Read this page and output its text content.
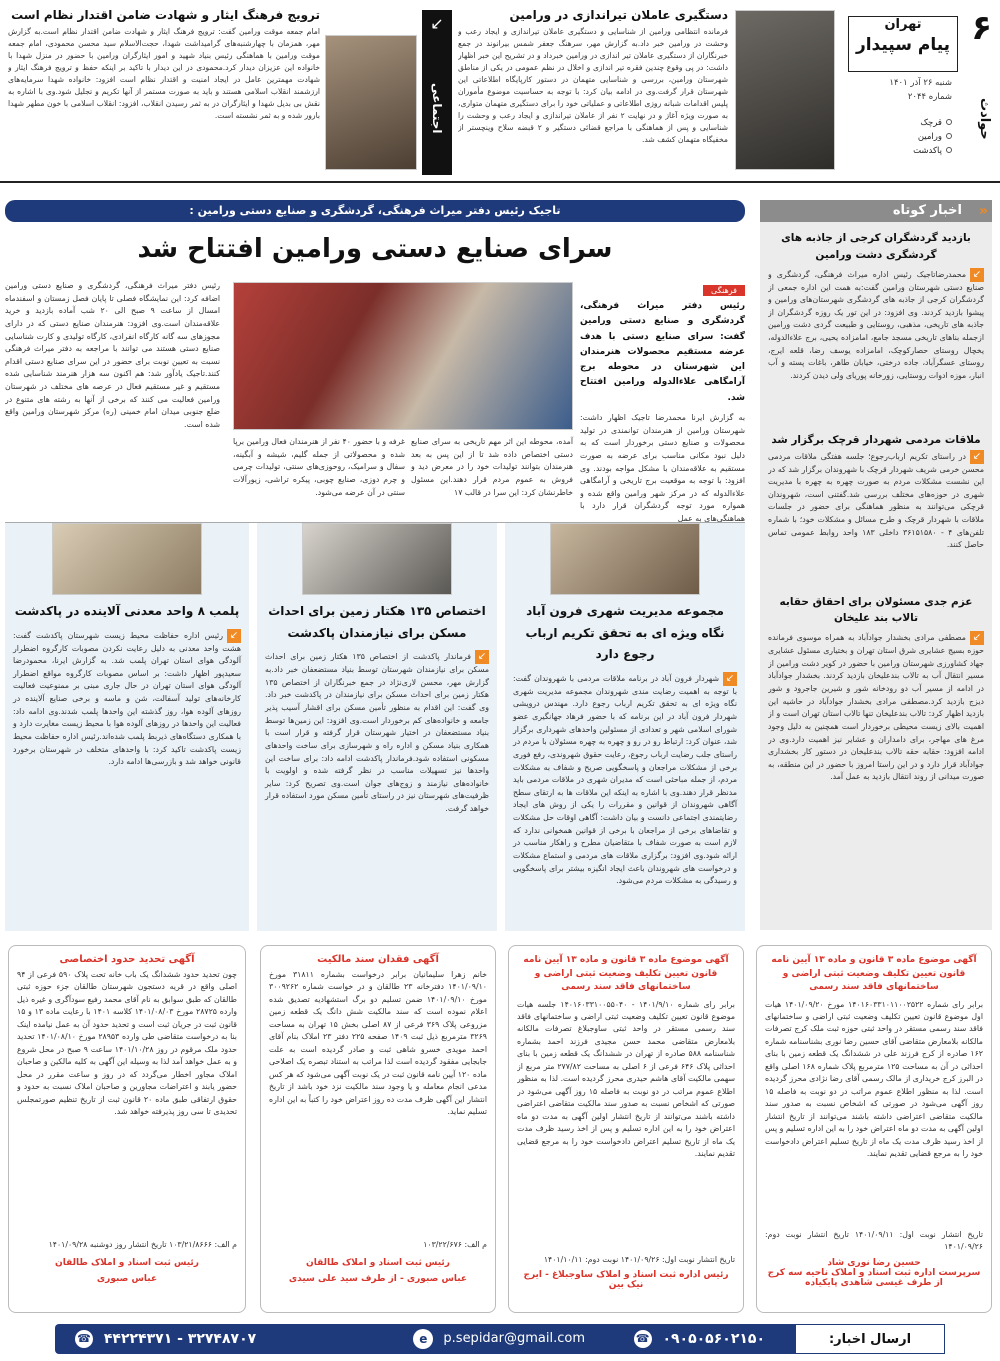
۶
تهران
پیام سپیدار
شنبه ۲۶ آذر ۱۴۰۱
شماره ۲۰۴۴
حوادث
قرچک
ورامین
پاکدشت
دستگیری عاملان تیراندازی در ورامین
فرمانده انتظامی ورامین از شناسایی و دستگیری عاملان تیراندازی و ایجاد رعب و وحشت در ورامین خبر داد.به گزارش مهر، سرهنگ جعفر شمس بیرانوند در جمع خبرنگاران از دستگیری عاملان تیر اندازی در ورامین خبرداد و در تشریح این خبر اظهار داشت: در پی وقوع چندین فقره تیر اندازی و اخلال در نظم عمومی در یکی از مناطق شهرستان ورامین، بررسی و شناسایی متهمان در دستور کارپایگاه اطلاعاتی این شهرستان قرار گرفت.وی در ادامه بیان کرد: با توجه به حساسیت موضوع مأموران پلیس اقدامات شبانه روزی اطلاعاتی و عملیاتی خود را برای دستگیری متهمان متواری، به صورت ویژه آغاز و در نهایت ۲ نفر از عاملان تیراندازی و ایجاد رعب و وحشت را شناسایی و پس از هماهنگی با مراجع قضائی دستگیر و ۲ قبضه سلاح وینچستر از مخفیگاه متهمان کشف شد.
↙
اجتماعی
ترویج فرهنگ ایثار و شهادت ضامن اقتدار نظام است
امام جمعه موقت ورامین گفت: ترویج فرهنگ ایثار و شهادت ضامن اقتدار نظام است.به گزارش مهر، همزمان با چهارشنبه‌های گرامیداشت شهدا، حجت‌الاسلام سید محسن محمودی، امام جمعه موقت ورامین با هماهنگی رئیس بنیاد شهید و امور ایثارگران ورامین با حضور در منزل شهدا با خانواده این عزیزان دیدار کرد.محمودی در این دیدار با تاکید بر اینکه حفظ و ترویج فرهنگ ایثار و شهادت مهمترین عامل در ایجاد امنیت و اقتدار نظام است افزود: خانواده شهدا سرمایه‌های ارزشمند انقلاب اسلامی هستند و باید به صورت مستمر از آنها تکریم و تجلیل شود.وی با اشاره به نقش بی بدیل شهدا و ایثارگران در به ثمر رسیدن انقلاب، افزود: انقلاب اسلامی با خون مطهر شهدا بارور شده و به ثمر نشسته است.
اخبار کوتاه «
بازدید گردشگران کرجی از جاذبه های گردشگری دشت ورامین
↙محمدرضاتاجیک رئیس اداره میراث فرهنگی، گردشگری و صنایع دستی شهرستان ورامین گفت:به همت این اداره جمعی از گردشگران کرجی از جاذبه های گردشگری شهرستان‌های ورامین و پیشوا بازدید کردند. وی افزود: در این تور یک روزه گردشگران از جاذبه های تاریخی، مذهبی، روستایی و طبیعت گردی دشت ورامین ازجمله بناهای تاریخی مسجد جامع، امامزاده یحیی، برج علاءالدوله، یخچال روستای حصارکوچک، امامزاده یوسف رضا، قلعه ایرج، روستای عسگرآباد، جاده درختی، خیابان طاهر، باغات پسته و آب انبار، موزه ادوات روستایی، زورخانه پوریای ولی دیدن کردند.
ملاقات مردمی شهردار قرچک برگزار شد
↙در راستای تکریم ارباب‌رجوع؛ جلسه هفتگی ملاقات مردمی محسن خرمی شریف شهردار قرچک با شهروندان برگزار شد که در این نشست مشکلات مردم به صورت چهره به چهره با مدیریت شهری در حوزه‌های مختلف بررسی شد.گفتنی است، شهروندان قرچکی می‌توانند به منظور هماهنگی برای حضور در جلسات ملاقات با شهردار قرچک و طرح مسائل و مشکلات خود؛ با شماره تلفن‌های ۴ - ۳۶۱۵۱۵۸۰ داخلی ۱۸۳ واحد روابط عمومی تماس حاصل کنند.
عزم جدی مسئولان برای احقاق حقابه تالاب بند علیخان
↙مصطفی مرادی بخشدار جوادآباد به همراه موسوی فرمانده حوزه بسیج عشایری شرق استان تهران و بختیاری مسئول عشایری جهاد کشاورزی شهرستان ورامین با حضور در کویر دشت ورامین از مسیر انتقال آب به تالاب بندعلیخان بازدید کردند. بخشدار جوادآباد در ادامه از مسیر آب دو رودخانه شور و شیرین جاجرود و شور دیزج بازدید کرد.مصطفی مرادی بخشدار جوادآباد در حاشیه این بازدید اظهار کرد: تالاب بندعلیخان تنها تالاب استان تهران است و از اهمیت بالای زیست محیطی برخوردار است همچنین به دلیل وجود مرغ های مهاجر، برای دامداران و عشایر نیز اهمیت دارد.وی در ادامه افزود: حقابه حقه تالاب بندعلیخان در دستور کار بخشداری جوادآباد قرار دارد و در این راستا امروز با حضور در این منطقه، به صورت میدانی از روند انتقال بازدید به عمل آمد.
تاجیک رئیس دفتر میراث فرهنگی، گردشگری و صنایع دستی ورامین :
سرای صنایع دستی ورامین افتتاح شد
فرهنگی
رئیس دفتر میراث فرهنگی، گردشگری و صنایع دستی ورامین گفت: سرای صنایع دستی با هدف عرضه مستقیم محصولات هنرمندان این شهرستان در محوطه برج آرامگاهی علاءالدوله ورامین افتتاح شد.
به گزارش ایرنا محمدرضا تاجیک اظهار داشت: شهرستان ورامین از هنرمندان توانمندی در تولید محصولات و صنایع دستی برخوردار است که به دلیل نبود مکانی مناسب برای عرضه به صورت مستقیم به علاقه‌مندان با مشکل مواجه بودند. وی افزود: با توجه به موقعیت برج تاریخی و آرامگاهی علاءالدوله که در مرکز شهر ورامین واقع شده و همواره مورد توجه گردشگران قرار دارد با هماهنگی‌های به عمل
آمده، محوطه این اثر مهم تاریخی به سرای صنایع دستی اختصاص داده شد تا از این پس به بعد هنرمندان بتوانند تولیدات خود را در معرض دید و فروش به عموم مردم قرار دهند.این مسئول خاطرنشان کرد: این سرا در قالب ۱۷
غرفه و با حضور ۴۰ نفر از هنرمندان فعال ورامین برپا شده و محصولاتی از جمله گلیم، شیشه و آبگینه، سفال و سرامیک، روحوزی‌های سنتی، تولیدات چرمی و چرم دوزی، صنایع چوبی، پیکره تراشی، زیورآلات سنتی در آن عرضه می‌شود.
رئیس دفتر میراث فرهنگی، گردشگری و صنایع دستی ورامین اضافه کرد: این نمایشگاه فصلی تا پایان فصل زمستان و اسفندماه امسال از ساعت ۹ صبح الی ۲۰ شب آماده بازدید و خرید علاقه‌مندان است.وی افزود: هنرمندان صنایع دستی که در دارای مجوزهای سه گانه کارگاه انفرادی، کارگاه تولیدی و کارت شناسایی صنایع دستی هستند می توانند با مراجعه به دفتر میراث فرهنگی نسبت به تعیین نوبت برای حضور در این سرای صنایع دستی اقدام کنند.تاجیک یادآور شد: هم اکنون سه هزار هنرمند شناسایی شده مستقیم و غیر مستقیم فعال در عرصه های مختلف در شهرستان ورامین فعالیت می کنند که برخی از آنها به رشته های متنوع در ضلع جنوبی میدان امام خمینی (ره) مرکز شهرستان ورامین واقع شده است.
مجموعه مدیریت شهری فرون آباد نگاه ویژه ای به تحقق تکریم ارباب رجوع دارد
↙شهردار فرون آباد در برنامه ملاقات مردمی با شهروندان گفت: با توجه به اهمیت رضایت مندی شهروندان مجموعه مدیریت شهری نگاه ویژه ای به تحقق تکریم ارباب رجوع دارد. مهندس درویشی شهردار فرون آباد در این برنامه که با حضور فرهاد جهانگیری عضو شورای اسلامی شهر و تعدادی از مسئولین واحدهای شهرداری برگزار شد، عنوان کرد: ارتباط رو در رو و چهره به چهره مسئولان با مردم در راستای جلب رضایت ارباب رجوع، رعایت حقوق شهروندی، رفع فوری برخی از مشکلات مراجعان و پاسخگویی صریح و شفاف به مشکلات مردم، از جمله مباحثی است که مدیران شهری در ملاقات مردمی باید مدنظر قرار دهند.وی با اشاره به اینکه این ملاقات ها به ارتقای سطح آگاهی شهروندان از قوانین و مقررات را یکی از روش های ایجاد رضایتمندی اجتماعی دانست و بیان داشت: آگاهی اوقات حل مشکلات و تقاضاهای برخی از مراجعان با برخی از قوانین همخوانی ندارد که لازم است به صورت شفاف با متقاضیان مطرح و راهکار مناسب در ارائه شود.وی افزود: برگزاری ملاقات های مردمی و استماع مشکلات و درخواست های شهروندان باعث ایجاد انگیزه بیشتر برای پاسخگویی و رسیدگی به مشکلات مردم می‌شود.
اختصاص ۱۳۵ هکتار زمین برای احداث مسکن برای نیازمندان پاکدشت
↙فرماندار پاکدشت از اختصاص ۱۳۵ هکتار زمین برای احداث مسکن برای نیازمندان شهرستان توسط بنیاد مستضعفان خبر داد.به گزارش مهر، محسن لاری‌نژاد در جمع خبرنگاران از اختصاص ۱۳۵ هکتار زمین برای احداث مسکن برای نیازمندان در پاکدشت خبر داد. وی گفت: این اقدام به منظور تأمین مسکن برای اقشار آسیب پذیر جامعه و خانواده‌های کم برخوردار است.وی افزود: این زمین‌ها توسط بنیاد مستضعفان در اختیار شهرستان قرار گرفته و قرار است با همکاری بنیاد مسکن و اداره راه و شهرسازی برای ساخت واحدهای مسکونی استفاده شود.فرماندار پاکدشت ادامه داد: برای ساخت این واحدها نیز تسهیلات مناسب در نظر گرفته شده و اولویت با خانواده‌های نیازمند و زوج‌های جوان است.وی تصریح کرد: سایر ظرفیت‌های شهرستان نیز در راستای تأمین مسکن مورد استفاده قرار خواهد گرفت.
پلمب ۸ واحد معدنی آلاینده در پاکدشت
↙رئیس اداره حفاظت محیط زیست شهرستان پاکدشت گفت: هشت واحد معدنی به دلیل رعایت نکردن مصوبات کارگروه اضطرار آلودگی هوای استان تهران پلمب شد. به گزارش ایرنا، محمودرضا سعیدپور اظهار داشت: بر اساس مصوبات کارگروه مواقع اضطرار آلودگی هوای استان تهران در حال جاری مبنی بر ممنوعیت فعالیت کارخانه‌های تولید آسفالت، شن و ماسه و برخی صنایع آلاینده در روزهای آلوده هوا، روز گذشته این واحدها پلمب شدند.وی ادامه داد: فعالیت این واحدها در روزهای آلوده هوا با محیط زیست مغایرت دارد و با همکاری دستگاه‌های ذیربط پلمب شده‌اند.رئیس اداره حفاظت محیط زیست پاکدشت تاکید کرد: با واحدهای متخلف در شهرستان برخورد قانونی خواهد شد و بازرسی‌ها ادامه دارد.
آگهی موضوع ماده ۳ قانون و ماده ۱۳ آیین نامه قانون تعیین تکلیف وضعیت ثبتی اراضی و ساختمانهای فاقد سند رسمی
برابر رای شماره ۱۴۰۱۶۰۳۳۱۰۱۱۰۰۲۵۲۲ مورخ ۱۴۰۱/۰۹/۲۰ هیات اول موضوع قانون تعیین تکلیف وضعیت ثبتی اراضی و ساختمانهای فاقد سند رسمی مستقر در واحد ثبتی حوزه ثبت ملک کرج تصرفات مالکانه بلامعارض متقاضی آقای حسین رضا نوری بشناسنامه شماره ۱۶۲ صادره از کرج فرزند علی در ششدانگ یک قطعه زمین با بنای احداثی در آن به مساحت ۱۲۵ مترمربع پلاک شماره ۱۶۸ اصلی واقع در البرز کرج خریداری از مالک رسمی آقای رضا نژادی محرز گردیده است. لذا به منظور اطلاع عموم مراتب در دو نوبت به فاصله ۱۵ روز آگهی می‌شود در صورتی که اشخاص نسبت به صدور سند مالکیت متقاضی اعتراضی داشته باشند می‌توانند از تاریخ انتشار اولین آگهی به مدت دو ماه اعتراض خود را به این اداره تسلیم و پس از اخذ رسید ظرف مدت یک ماه از تاریخ تسلیم اعتراض دادخواست خود را به مرجع قضایی تقدیم نمایند.
تاریخ انتشار نوبت اول: ۱۴۰۱/۰۹/۱۱ تاریخ انتشار نوبت دوم: ۱۴۰۱/۰۹/۲۶
حسین رضا نوری شاد
سرپرست اداره ثبت اسناد و املاک ناحیه سه کرج
از طرف غیسی شاهدی پایکیاده
آگهی موضوع ماده ۳ قانون و ماده ۱۳ آیین نامه قانون تعیین تکلیف وضعیت ثبتی اراضی و ساختمانهای فاقد سند رسمی
برابر رای شماره ۱۴۰۱/۹/۱۰ - ۱۴۰۱۶۰۳۳۱۰۰۵۵۰۴۰ جلسه هیات موضوع قانون تعیین تکلیف وضعیت ثبتی اراضی و ساختمانهای فاقد سند رسمی مستقر در واحد ثبتی ساوجبلاغ تصرفات مالکانه بلامعارض متقاضی محمد حسن مجیدی فرزند احمد بشماره شناسنامه ۵۸۸ صادره از تهران در ششدانگ یک قطعه زمین با بنای احداثی پلاک ۶۴۶ فرعی از ۶ اصلی به مساحت ۲۷۷/۸۲ متر مربع از سهمی مالکیت آقای هاشم حیدری محرز گردیده است. لذا به منظور اطلاع عموم مراتب در دو نوبت به فاصله ۱۵ روز آگهی می‌شود در صورتی که اشخاص نسبت به صدور سند مالکیت متقاضی اعتراضی داشته باشند می‌توانند از تاریخ انتشار اولین آگهی به مدت دو ماه اعتراض خود را به این اداره تسلیم و پس از اخذ رسید ظرف مدت یک ماه از تاریخ تسلیم اعتراض دادخواست خود را به مرجع قضایی تقدیم نمایند.
تاریخ انتشار نوبت اول: ۱۴۰۱/۰۹/۲۶ نوبت دوم: ۱۴۰۱/۱۰/۱۱
رئیس اداره ثبت اسناد و املاک ساوجبلاغ - ایرج نیک بین
آگهی فقدان سند مالکیت
خانم زهرا سلیمانیان برابر درخواست بشماره ۳۱۸۱۱ مورخ ۱۴۰۱/۰۹/۱۰ دفترخانه ۲۳ طالقان و در خواست شماره ۳۰۰۹۲۶۲ مورخ ۱۴۰۱/۰۹/۱۰ ضمن تسلیم دو برگ استشهادیه تصدیق شده اعلام نموده است که سند مالکیت شش دانگ یک قطعه زمین مزروعی پلاک ۳۶۹ فرعی از ۸۷ اصلی بخش ۱۵ تهران به مساحت ۳۲۶۹ مترمربع ذیل ثبت ۱۴۰۹ صفحه ۲۲۵ دفتر ۲۳ املاک بنام آقای احمد مویدی خسرو شاهی ثبت و صادر گردیده است به علت جابجایی مفقود گردیده است لذا مراتب به استناد تبصره یک اصلاحی ماده ۱۲۰ آیین نامه قانون ثبت در یک نوبت آگهی می‌شود که هر کس مدعی انجام معامله و یا وجود سند مالکیت نزد خود باشد از تاریخ انتشار این آگهی ظرف مدت ده روز اعتراض خود را کتباً به این اداره تسلیم نماید.
م الف: ۱۰۳/۲۲/۶۷۶
رئیس ثبت اسناد و املاک طالقان
عباس صبوری - از طرف سید علی سیدی
آگهی تحدید حدود اختصاصی
چون تحدید حدود ششدانگ یک باب خانه تحت پلاک ۵۹۰ فرعی از ۹۴ اصلی واقع در قریه دستجون شهرستان طالقان جزء حوزه ثبتی طالقان که طبق سوابق به نام آقای محمد رفیع سودآگری و غیره ذیل وارده ۲۸۷۲۵ مورخ ۱۴۰۱/۰۸/۰۳ کلاسه ۱۴۰۱ با رعایت ماده ۱۳ و ۱۵ قانون ثبت در جریان ثبت است و تحدید حدود آن به عمل نیامده اینک بنا به درخواست متقاضی طی وارده ۲۸۹۵۳ مورخ ۱۴۰۱/۰۸/۱۰ تحدید حدود ملک مرقوم در روز ۱۴۰۱/۱۰/۲۸ ساعت ۹ صبح در محل شروع و به عمل خواهد آمد لذا به وسیله این آگهی به کلیه مالکین و صاحبان املاک مجاور اخطار می‌گردد که در روز و ساعت مقرر در محل حضور یابند و اعتراضات مجاورین و صاحبان املاک نسبت به حدود و حقوق ارتفاقی طبق ماده ۲۰ قانون ثبت از تاریخ تنظیم صورتمجلس تحدیدی تا سی روز پذیرفته خواهد شد.
م الف: ۱۰۳/۲۱/۸۶۶۶ تاریخ انتشار روز دوشنبه ۱۴۰۱/۰۹/۲۸
رئیس ثبت اسناد و املاک طالقان
عباس صبوری
ارسال اخبار:
۰۹۰۵۰۵۶۰۲۱۵۰ ☎
e p.sepidar@gmail.com
۳۲۷۴۸۷۰۷ - ۴۴۲۲۴۳۷۱ ☎
